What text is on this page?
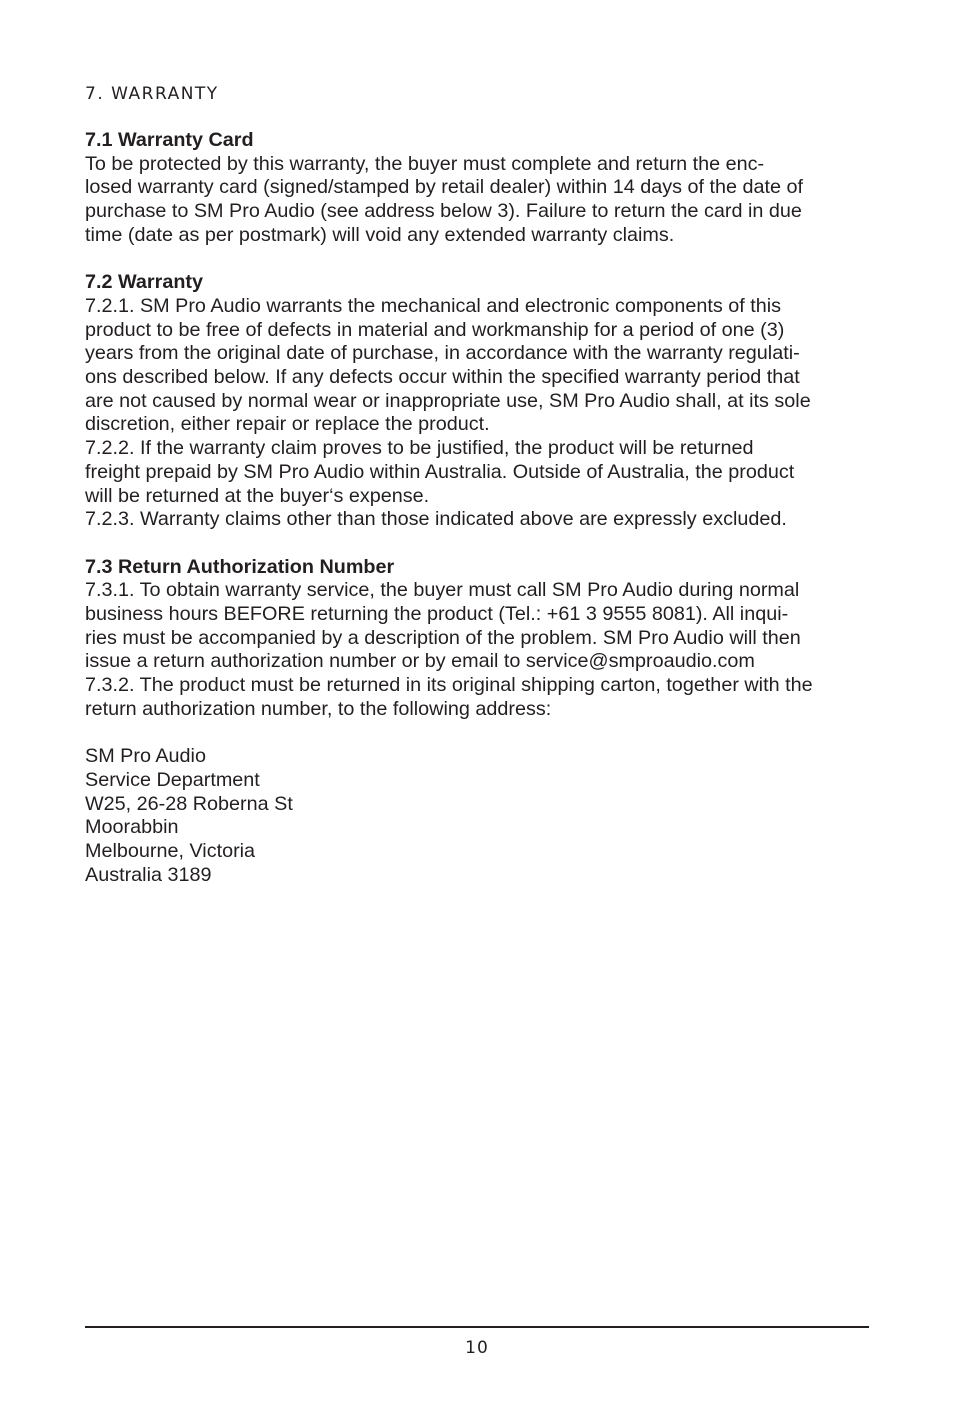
7. WARRANTY
7.1 Warranty Card

To be protected by this warranty, the buyer must complete and return the enc-
losed warranty card (signed/stamped by retail dealer) within 14 days of the date of
purchase to SM Pro Audio (see address below 3). Failure to return the card in due
time (date as per postmark) will void any extended warranty claims.

7.2 Warranty

7.2.1. SM Pro Audio warrants the mechanical and electronic components of this
product to be free of defects in material and workmanship for a period of one (3)
years from the original date of purchase, in accordance with the warranty regulati-
ons described below. If any defects occur within the specified warranty period that
are not caused by normal wear or inappropriate use, SM Pro Audio shall, at its sole
discretion, either repair or replace the product.

7.2.2. If the warranty claim proves to be justified, the product will be returned
freight prepaid by SM Pro Audio within Australia. Outside of Australia, the product
will be returned at the buyer‘s expense.

7.2.3. Warranty claims other than those indicated above are expressly excluded.

7.3 Return Authorization Number

7.3.1. To obtain warranty service, the buyer must call SM Pro Audio during normal
business hours BEFORE returning the product (Tel.: +61 3 9555 8081). All inqui-
ries must be accompanied by a description of the problem. SM Pro Audio will then
issue a return authorization number or by email to service@smproaudio.com

7.3.2. The product must be returned in its original shipping carton, together with the
return authorization number, to the following address:

SM Pro Audio
Service Department
W25, 26-28 Roberna St
Moorabbin
Melbourne, Victoria
Australia 3189
10
